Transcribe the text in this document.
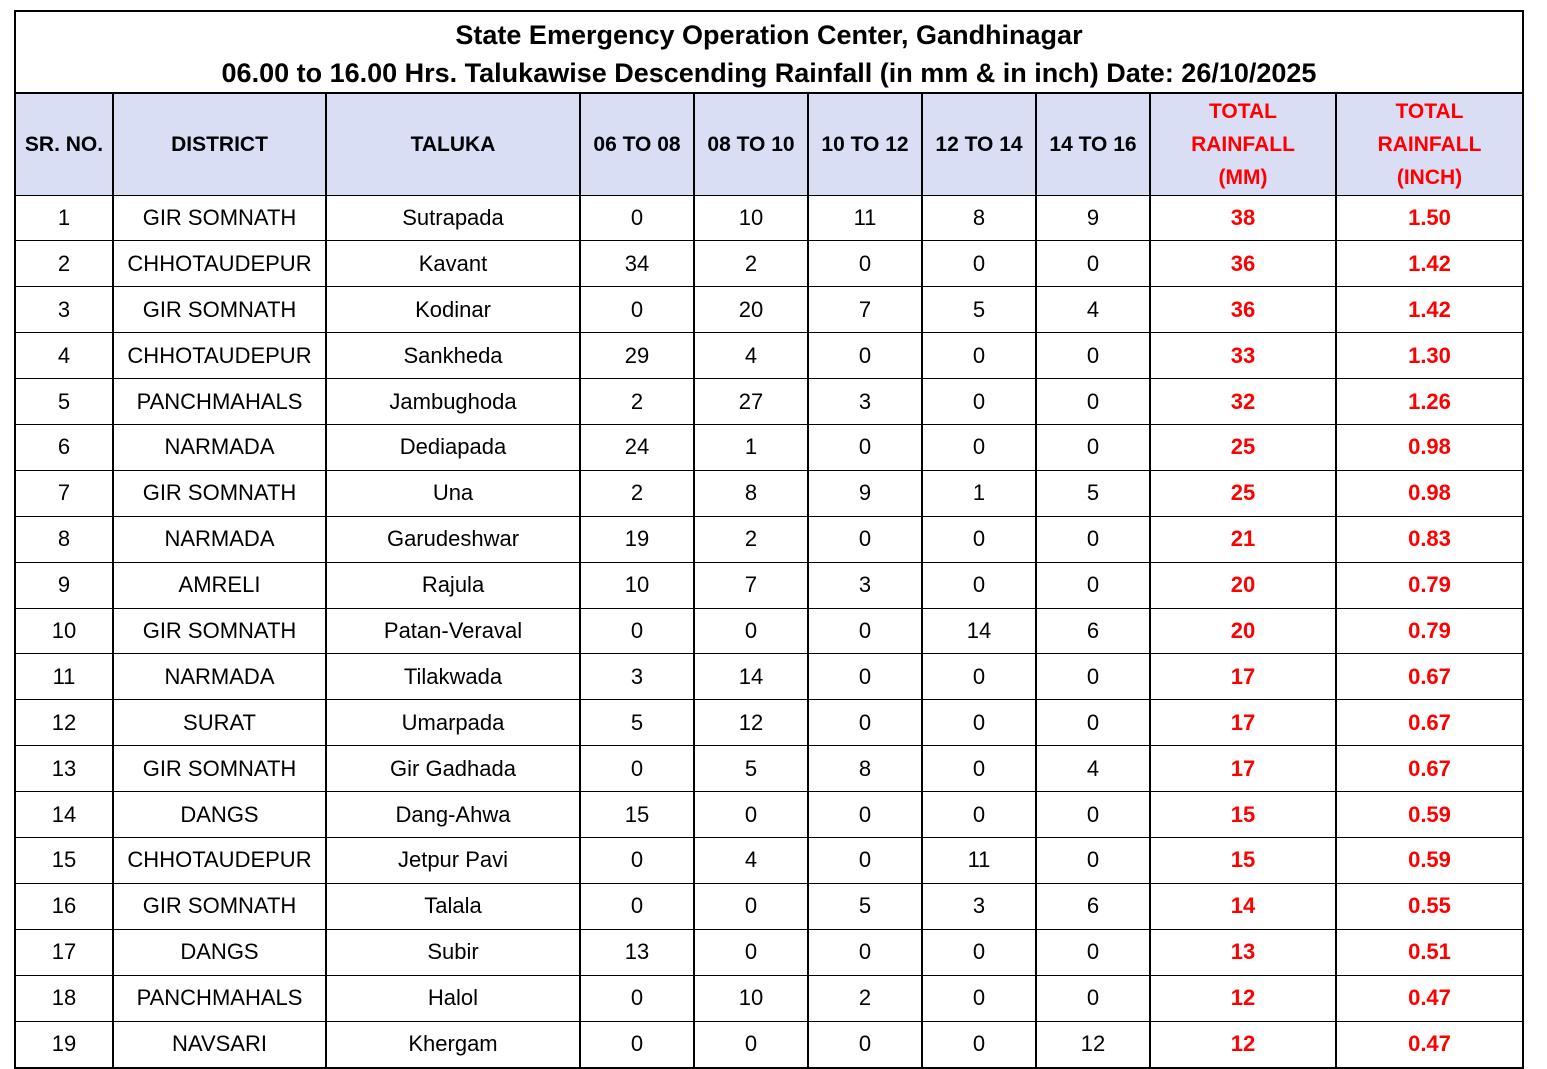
State Emergency Operation Center, Gandhinagar
06.00 to 16.00 Hrs. Talukawise Descending Rainfall (in mm & in inch) Date: 26/10/2025
SR. NO.	DISTRICT	TALUKA	06 TO 08	08 TO 10	10 TO 12	12 TO 14	14 TO 16	TOTAL RAINFALL (MM)	TOTAL RAINFALL (INCH)
1	GIR SOMNATH	Sutrapada	0	10	11	8	9	38	1.50
2	CHHOTAUDEPUR	Kavant	34	2	0	0	0	36	1.42
3	GIR SOMNATH	Kodinar	0	20	7	5	4	36	1.42
4	CHHOTAUDEPUR	Sankheda	29	4	0	0	0	33	1.30
5	PANCHMAHALS	Jambughoda	2	27	3	0	0	32	1.26
6	NARMADA	Dediapada	24	1	0	0	0	25	0.98
7	GIR SOMNATH	Una	2	8	9	1	5	25	0.98
8	NARMADA	Garudeshwar	19	2	0	0	0	21	0.83
9	AMRELI	Rajula	10	7	3	0	0	20	0.79
10	GIR SOMNATH	Patan-Veraval	0	0	0	14	6	20	0.79
11	NARMADA	Tilakwada	3	14	0	0	0	17	0.67
12	SURAT	Umarpada	5	12	0	0	0	17	0.67
13	GIR SOMNATH	Gir Gadhada	0	5	8	0	4	17	0.67
14	DANGS	Dang-Ahwa	15	0	0	0	0	15	0.59
15	CHHOTAUDEPUR	Jetpur Pavi	0	4	0	11	0	15	0.59
16	GIR SOMNATH	Talala	0	0	5	3	6	14	0.55
17	DANGS	Subir	13	0	0	0	0	13	0.51
18	PANCHMAHALS	Halol	0	10	2	0	0	12	0.47
19	NAVSARI	Khergam	0	0	0	0	12	12	0.47
